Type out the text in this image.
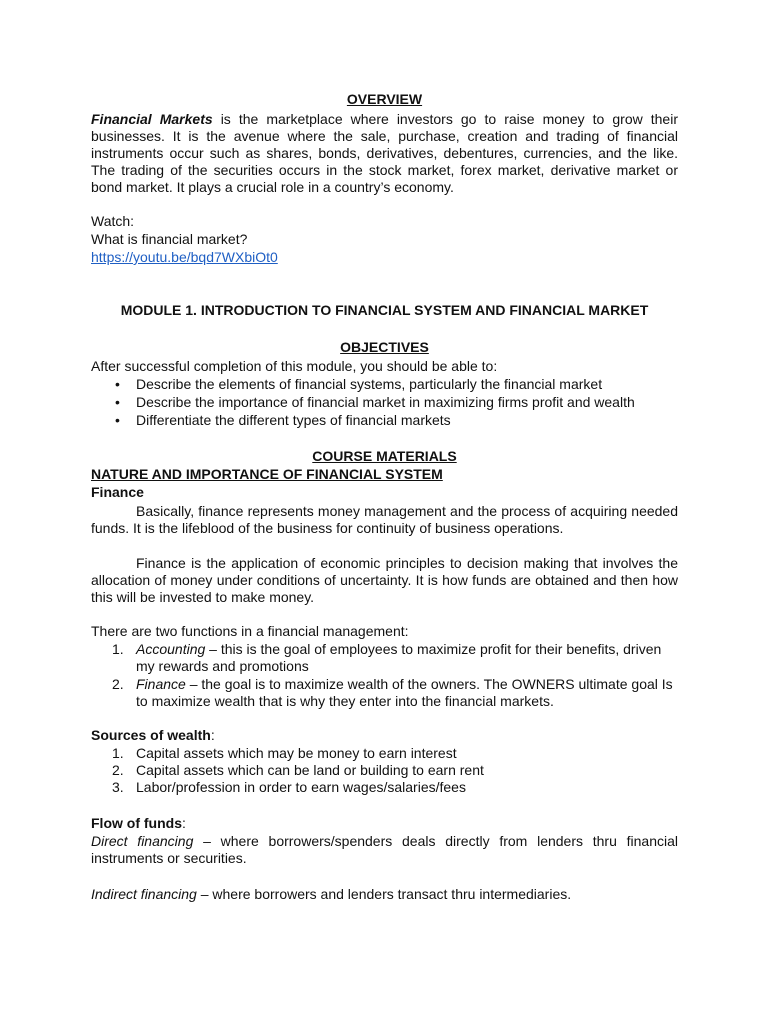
OVERVIEW

Financial Markets is the marketplace where investors go to raise money to grow their businesses. It is the avenue where the sale, purchase, creation and trading of financial instruments occur such as shares, bonds, derivatives, debentures, currencies, and the like. The trading of the securities occurs in the stock market, forex market, derivative market or bond market. It plays a crucial role in a country’s economy.

Watch:

What is financial market?

https://youtu.be/bqd7WXbiOt0

MODULE 1. INTRODUCTION TO FINANCIAL SYSTEM AND FINANCIAL MARKET
OBJECTIVES

After successful completion of this module, you should be able to:

• Describe the elements of financial systems, particularly the financial market
• Describe the importance of financial market in maximizing firms profit and wealth
• Differentiate the different types of financial markets
COURSE MATERIALS
NATURE AND IMPORTANCE OF FINANCIAL SYSTEM
Finance

Basically, finance represents money management and the process of acquiring needed funds. It is the lifeblood of the business for continuity of business operations.

Finance is the application of economic principles to decision making that involves the allocation of money under conditions of uncertainty. It is how funds are obtained and then how this will be invested to make money.

There are two functions in a financial management:

1. Accounting – this is the goal of employees to maximize profit for their benefits, driven my rewards and promotions
2. Finance – the goal is to maximize wealth of the owners. The OWNERS ultimate goal Is to maximize wealth that is why they enter into the financial markets.

Sources of wealth:

1. Capital assets which may be money to earn interest
2. Capital assets which can be land or building to earn rent
3. Labor/profession in order to earn wages/salaries/fees

Flow of funds:

Direct financing – where borrowers/spenders deals directly from lenders thru financial instruments or securities.

Indirect financing – where borrowers and lenders transact thru intermediaries.
